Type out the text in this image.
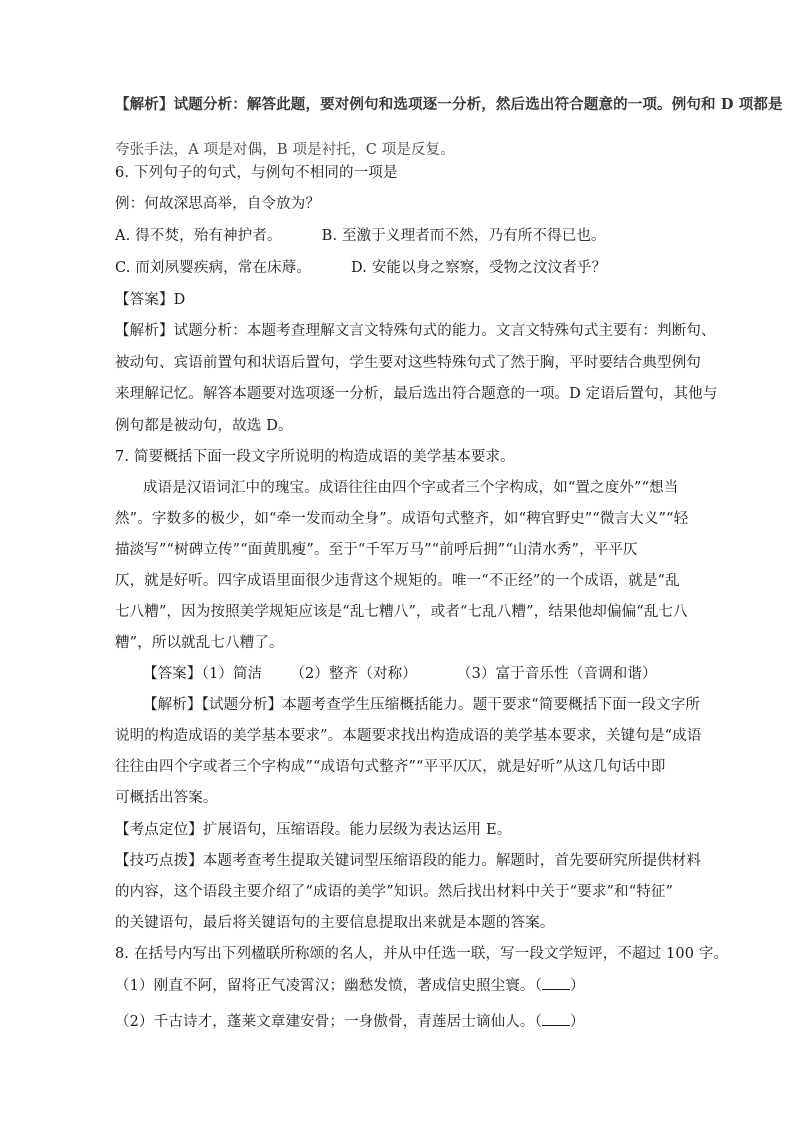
【解析】试题分析：解答此题，要对例句和选项逐一分析，然后选出符合题意的一项。例句和 D 项都是
夸张手法，A 项是对偶，B 项是衬托，C 项是反复。
6. 下列句子的句式，与例句不相同的一项是
例：何故深思高举，自令放为？
A. 得不焚，殆有神护者。	B. 至激于义理者而不然，乃有所不得已也。
C. 而刘夙婴疾病，常在床蓐。	D. 安能以身之察察，受物之汶汶者乎？
【答案】D
【解析】试题分析：本题考查理解文言文特殊句式的能力。文言文特殊句式主要有：判断句、
被动句、宾语前置句和状语后置句，学生要对这些特殊句式了然于胸，平时要结合典型例句
来理解记忆。解答本题要对选项逐一分析，最后选出符合题意的一项。D 定语后置句，其他与
例句都是被动句，故选 D。
7. 简要概括下面一段文字所说明的构造成语的美学基本要求。
成语是汉语词汇中的瑰宝。成语往往由四个字或者三个字构成，如“置之度外”“想当
然”。字数多的极少，如“牵一发而动全身”。成语句式整齐，如“稗官野史”“微言大义”“轻
描淡写”“树碑立传”“面黄肌瘦”。至于“千军万马”“前呼后拥”“山清水秀”，平平仄
仄，就是好听。四字成语里面很少违背这个规矩的。唯一“不正经”的一个成语，就是“乱
七八糟”，因为按照美学规矩应该是“乱七糟八”，或者“七乱八糟”，结果他却偏偏“乱七八
糟”，所以就乱七八糟了。
【答案】（1）简洁 （2）整齐（对称）	（3）富于音乐性（音调和谐）
【解析】【试题分析】本题考查学生压缩概括能力。题干要求“简要概括下面一段文字所
说明的构造成语的美学基本要求”。本题要求找出构造成语的美学基本要求，关键句是“成语
往往由四个字或者三个字构成”“成语句式整齐”“平平仄仄，就是好听”从这几句话中即
可概括出答案。
【考点定位】扩展语句，压缩语段。能力层级为表达运用 E。
【技巧点拨】本题考查考生提取关键词型压缩语段的能力。解题时，首先要研究所提供材料
的内容，这个语段主要介绍了“成语的美学”知识。然后找出材料中关于“要求”和“特征”
的关键语句，最后将关键语句的主要信息提取出来就是本题的答案。
8. 在括号内写出下列楹联所称颂的名人，并从中任选一联，写一段文学短评，不超过 100 字。
（1）刚直不阿，留将正气凌霄汉；幽愁发愤，著成信史照尘寰。（ ）
（2）千古诗才，蓬莱文章建安骨；一身傲骨，青莲居士谪仙人。（ ）
